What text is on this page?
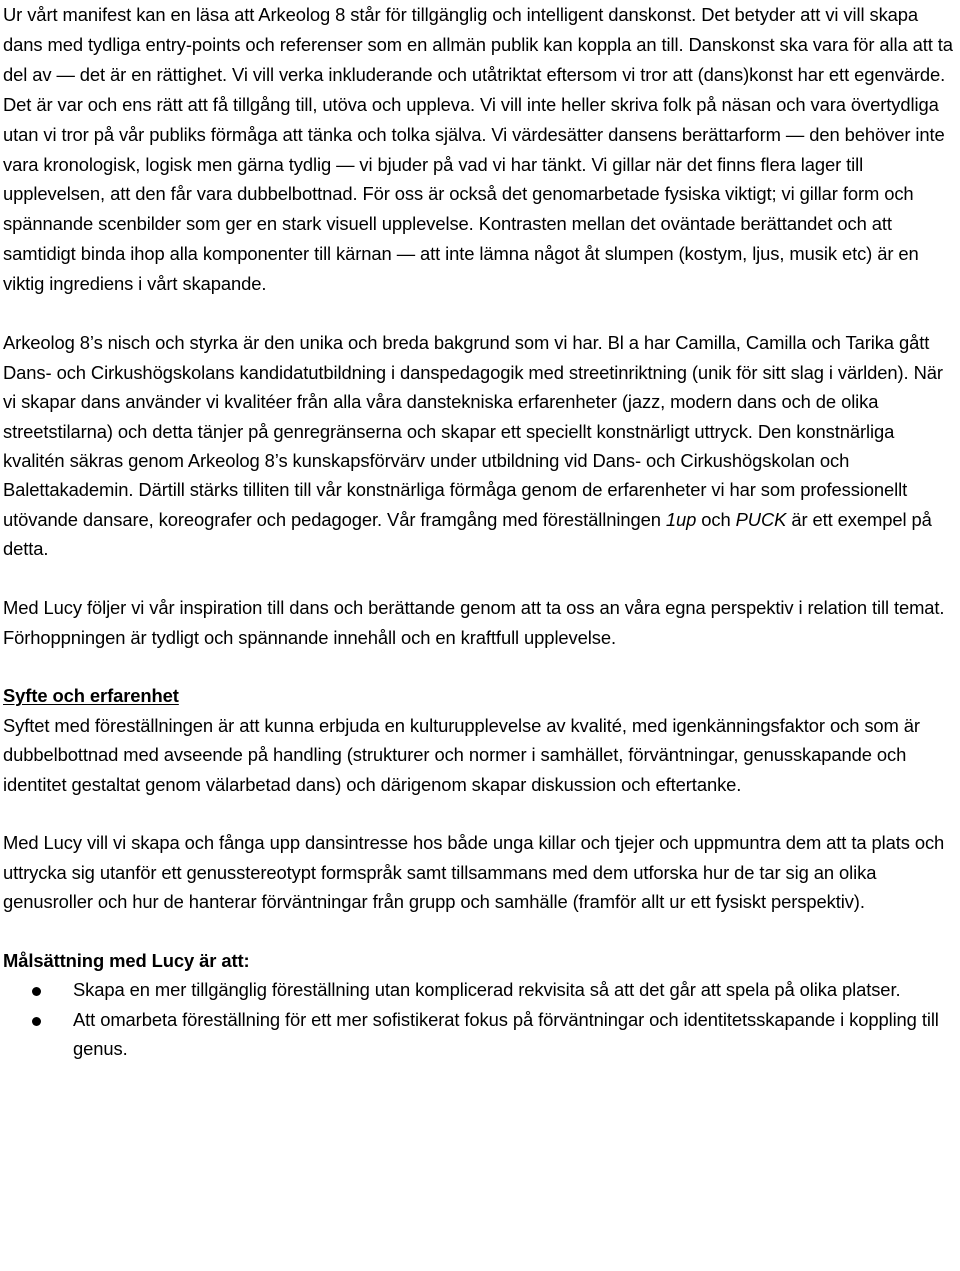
Ur vårt manifest kan en läsa att Arkeolog 8 står för tillgänglig och intelligent danskonst. Det betyder att vi vill skapa dans med tydliga entry-points och referenser som en allmän publik kan koppla an till. Danskonst ska vara för alla att ta del av — det är en rättighet. Vi vill verka inkluderande och utåtriktat eftersom vi tror att (dans)konst har ett egenvärde. Det är var och ens rätt att få tillgång till, utöva och uppleva. Vi vill inte heller skriva folk på näsan och vara övertydliga utan vi tror på vår publiks förmåga att tänka och tolka själva. Vi värdesätter dansens berättarform — den behöver inte vara kronologisk, logisk men gärna tydlig — vi bjuder på vad vi har tänkt. Vi gillar när det finns flera lager till upplevelsen, att den får vara dubbelbottnad. För oss är också det genomarbetade fysiska viktigt; vi gillar form och spännande scenbilder som ger en stark visuell upplevelse. Kontrasten mellan det oväntade berättandet och att samtidigt binda ihop alla komponenter till kärnan — att inte lämna något åt slumpen (kostym, ljus, musik etc) är en viktig ingrediens i vårt skapande.

Arkeolog 8’s nisch och styrka är den unika och breda bakgrund som vi har. Bl a har Camilla, Camilla och Tarika gått Dans- och Cirkushögskolans kandidatutbildning i danspedagogik med streetinriktning (unik för sitt slag i världen). När vi skapar dans använder vi kvalitéer från alla våra danstekniska erfarenheter (jazz, modern dans och de olika streetstilarna) och detta tänjer på genregränserna och skapar ett speciellt konstnärligt uttryck. Den konstnärliga kvalitén säkras genom Arkeolog 8’s kunskapsförvärv under utbildning vid Dans- och Cirkushögskolan och Balettakademin. Därtill stärks tilliten till vår konstnärliga förmåga genom de erfarenheter vi har som professionellt utövande dansare, koreografer och pedagoger. Vår framgång med föreställningen 1up och PUCK är ett exempel på detta.

Med Lucy följer vi vår inspiration till dans och berättande genom att ta oss an våra egna perspektiv i relation till temat. Förhoppningen är tydligt och spännande innehåll och en kraftfull upplevelse.

Syfte och erfarenhet
Syftet med föreställningen är att kunna erbjuda en kulturupplevelse av kvalité, med igenkänningsfaktor och som är dubbelbottnad med avseende på handling (strukturer och normer i samhället, förväntningar, genusskapande och identitet gestaltat genom välarbetad dans) och därigenom skapar diskussion och eftertanke.

Med Lucy vill vi skapa och fånga upp dansintresse hos både unga killar och tjejer och uppmuntra dem att ta plats och uttrycka sig utanför ett genusstereotypt formspråk samt tillsammans med dem utforska hur de tar sig an olika genusroller och hur de hanterar förväntningar från grupp och samhälle (framför allt ur ett fysiskt perspektiv).

Målsättning med Lucy är att:

Skapa en mer tillgänglig föreställning utan komplicerad rekvisita så att det går att spela på olika platser.
Att omarbeta föreställning för ett mer sofistikerat fokus på förväntningar och identitetsskapande i koppling till genus.
